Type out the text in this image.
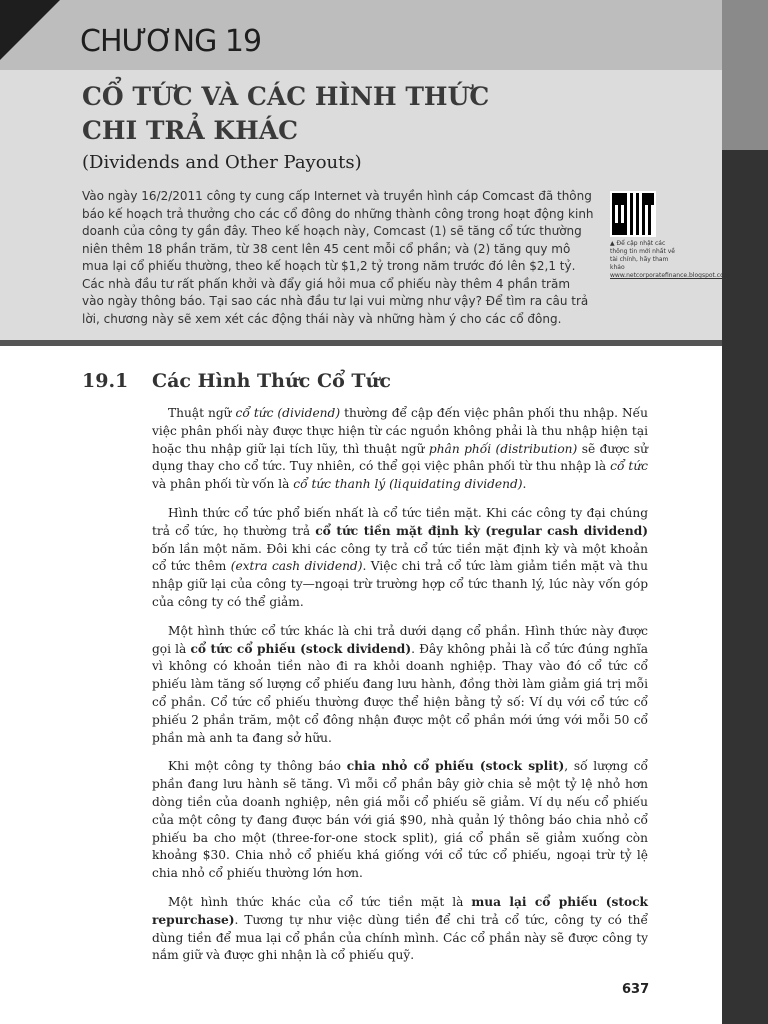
CHƯƠNG 19
CỔ TỨC VÀ CÁC HÌNH THỨC
CHI TRẢ KHÁC
(Dividends and Other Payouts)
Vào ngày 16/2/2011 công ty cung cấp Internet và truyền hình cáp Comcast đã thông báo kế hoạch trả thưởng cho các cổ đông do những thành công trong hoạt động kinh doanh của công ty gần đây. Theo kế hoạch này, Comcast (1) sẽ tăng cổ tức thường niên thêm 18 phần trăm, từ 38 cent lên 45 cent mỗi cổ phần; và (2) tăng quy mô mua lại cổ phiếu thường, theo kế hoạch từ $1,2 tỷ trong năm trước đó lên $2,1 tỷ. Các nhà đầu tư rất phấn khởi và đẩy giá hỏi mua cổ phiếu này thêm 4 phần trăm vào ngày thông báo. Tại sao các nhà đầu tư lại vui mừng như vậy? Để tìm ra câu trả lời, chương này sẽ xem xét các động thái này và những hàm ý cho các cổ đông.
▲ Để cập nhật các thông tin mới nhất về tài chính, hãy tham khảo www.netcorporatefinance.blogspot.com
19.1 Các Hình Thức Cổ Tức

Thuật ngữ cổ tức (dividend) thường để cập đến việc phân phối thu nhập. Nếu việc phân phối này được thực hiện từ các nguồn không phải là thu nhập hiện tại hoặc thu nhập giữ lại tích lũy, thì thuật ngữ phân phối (distribution) sẽ được sử dụng thay cho cổ tức. Tuy nhiên, có thể gọi việc phân phối từ thu nhập là cổ tức và phân phối từ vốn là cổ tức thanh lý (liquidating dividend).

Hình thức cổ tức phổ biến nhất là cổ tức tiền mặt. Khi các công ty đại chúng trả cổ tức, họ thường trả cổ tức tiền mặt định kỳ (regular cash dividend) bốn lần một năm. Đôi khi các công ty trả cổ tức tiền mặt định kỳ và một khoản cổ tức thêm (extra cash dividend). Việc chi trả cổ tức làm giảm tiền mặt và thu nhập giữ lại của công ty—ngoại trừ trường hợp cổ tức thanh lý, lúc này vốn góp của công ty có thể giảm.

Một hình thức cổ tức khác là chi trả dưới dạng cổ phần. Hình thức này được gọi là cổ tức cổ phiếu (stock dividend). Đây không phải là cổ tức đúng nghĩa vì không có khoản tiền nào đi ra khỏi doanh nghiệp. Thay vào đó cổ tức cổ phiếu làm tăng số lượng cổ phiếu đang lưu hành, đồng thời làm giảm giá trị mỗi cổ phần. Cổ tức cổ phiếu thường được thể hiện bằng tỷ số: Ví dụ với cổ tức cổ phiếu 2 phần trăm, một cổ đông nhận được một cổ phần mới ứng với mỗi 50 cổ phần mà anh ta đang sở hữu.

Khi một công ty thông báo chia nhỏ cổ phiếu (stock split), số lượng cổ phần đang lưu hành sẽ tăng. Vì mỗi cổ phần bây giờ chia sẻ một tỷ lệ nhỏ hơn dòng tiền của doanh nghiệp, nên giá mỗi cổ phiếu sẽ giảm. Ví dụ nếu cổ phiếu của một công ty đang được bán với giá $90, nhà quản lý thông báo chia nhỏ cổ phiếu ba cho một (three-for-one stock split), giá cổ phần sẽ giảm xuống còn khoảng $30. Chia nhỏ cổ phiếu khá giống với cổ tức cổ phiếu, ngoại trừ tỷ lệ chia nhỏ cổ phiếu thường lớn hơn.

Một hình thức khác của cổ tức tiền mặt là mua lại cổ phiếu (stock repurchase). Tương tự như việc dùng tiền để chi trả cổ tức, công ty có thể dùng tiền để mua lại cổ phần của chính mình. Các cổ phần này sẽ được công ty nắm giữ và được ghi nhận là cổ phiếu quỹ.

637
